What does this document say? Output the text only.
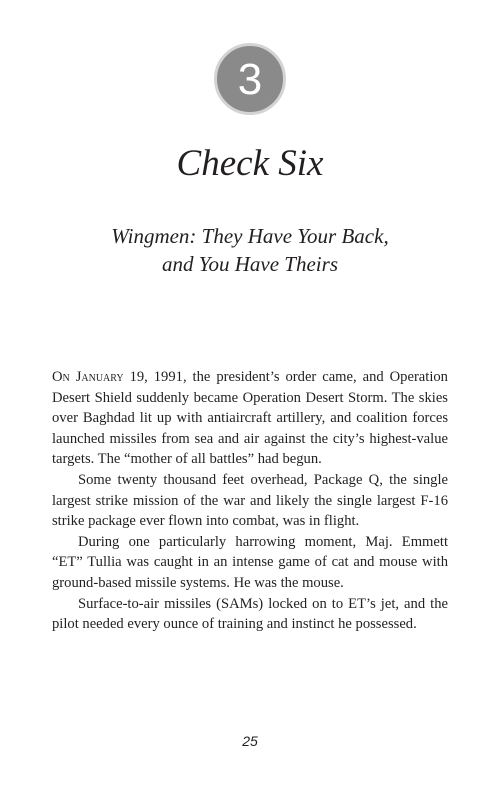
3
Check Six
Wingmen: They Have Your Back,
and You Have Theirs

On January 19, 1991, the president’s order came, and Operation Desert Shield suddenly became Operation Desert Storm. The skies over Baghdad lit up with antiaircraft artillery, and coalition forces launched missiles from sea and air against the city’s highest-value targets. The “mother of all battles” had begun.

Some twenty thousand feet overhead, Package Q, the single largest strike mission of the war and likely the single largest F-16 strike package ever flown into combat, was in flight.

During one particularly harrowing moment, Maj. Emmett “ET” Tullia was caught in an intense game of cat and mouse with ground-based missile systems. He was the mouse.

Surface-to-air missiles (SAMs) locked on to ET’s jet, and the pilot needed every ounce of training and instinct he possessed.

25
